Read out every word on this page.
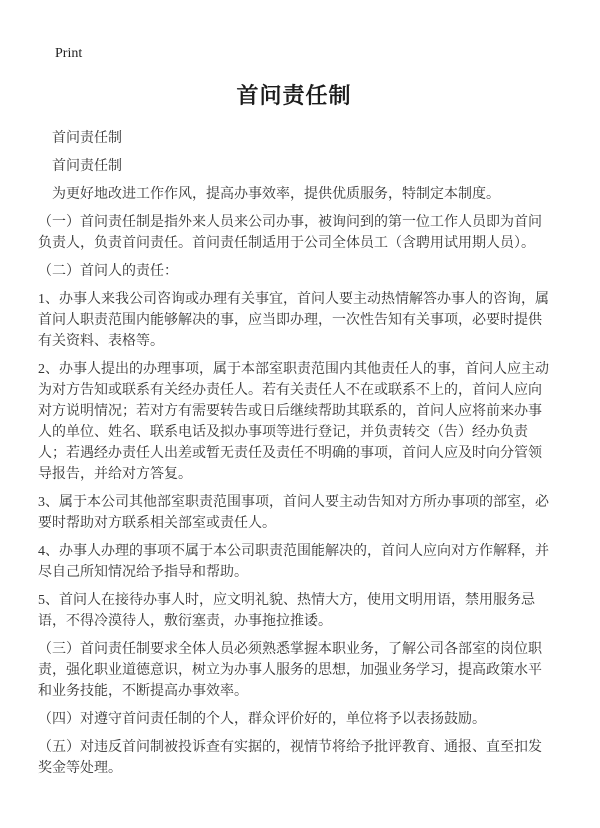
Print
首问责任制

首问责任制

首问责任制

为更好地改进工作作风，提高办事效率，提供优质服务，特制定本制度。

（一）首问责任制是指外来人员来公司办事，被询问到的第一位工作人员即为首问负责人，负责首问责任。首问责任制适用于公司全体员工（含聘用试用期人员）。

（二）首问人的责任：

1、办事人来我公司咨询或办理有关事宜，首问人要主动热情解答办事人的咨询，属首问人职责范围内能够解决的事，应当即办理，一次性告知有关事项，必要时提供有关资料、表格等。

2、办事人提出的办理事项，属于本部室职责范围内其他责任人的事，首问人应主动为对方告知或联系有关经办责任人。若有关责任人不在或联系不上的，首问人应向对方说明情况；若对方有需要转告或日后继续帮助其联系的，首问人应将前来办事人的单位、姓名、联系电话及拟办事项等进行登记，并负责转交（告）经办负责人；若遇经办责任人出差或暂无责任及责任不明确的事项，首问人应及时向分管领导报告，并给对方答复。

3、属于本公司其他部室职责范围事项，首问人要主动告知对方所办事项的部室，必要时帮助对方联系相关部室或责任人。

4、办事人办理的事项不属于本公司职责范围能解决的，首问人应向对方作解释，并尽自己所知情况给予指导和帮助。

5、首问人在接待办事人时，应文明礼貌、热情大方，使用文明用语，禁用服务忌语，不得冷漠待人，敷衍塞责，办事拖拉推诿。

（三）首问责任制要求全体人员必须熟悉掌握本职业务，了解公司各部室的岗位职责，强化职业道德意识，树立为办事人服务的思想，加强业务学习，提高政策水平和业务技能，不断提高办事效率。

（四）对遵守首问责任制的个人，群众评价好的，单位将予以表扬鼓励。

（五）对违反首问制被投诉查有实据的，视情节将给予批评教育、通报、直至扣发奖金等处理。
